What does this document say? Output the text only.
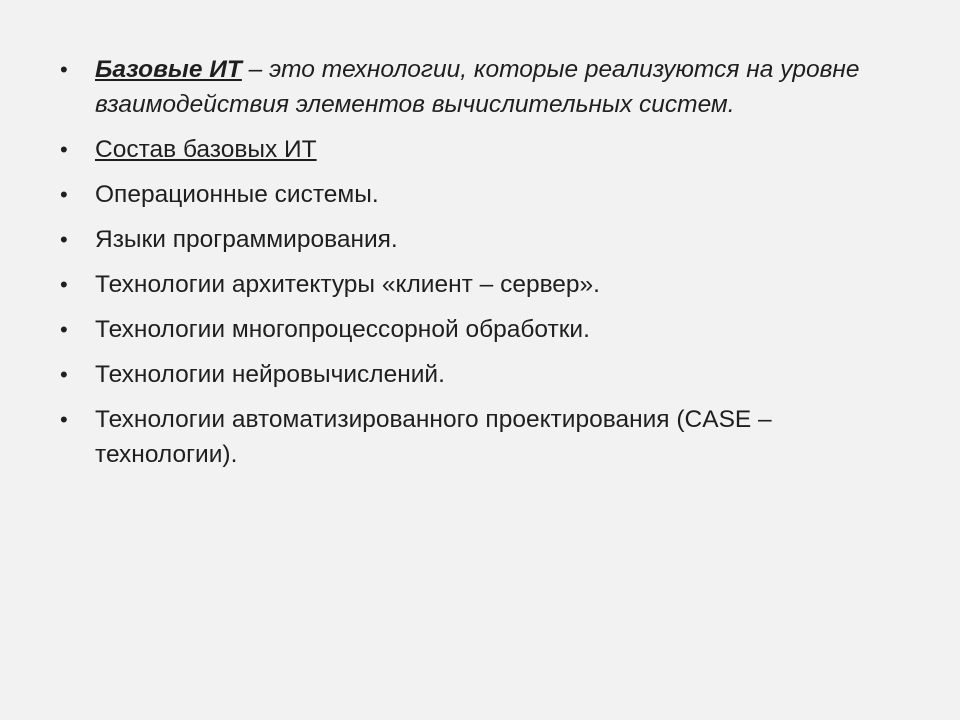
• Базовые ИТ – это технологии, которые реализуются на уровне взаимодействия элементов вычислительных систем.
• Состав базовых ИТ
• Операционные системы.
• Языки программирования.
• Технологии архитектуры «клиент – сервер».
• Технологии многопроцессорной обработки.
• Технологии нейровычислений.
• Технологии автоматизированного проектирования (CASE – технологии).
